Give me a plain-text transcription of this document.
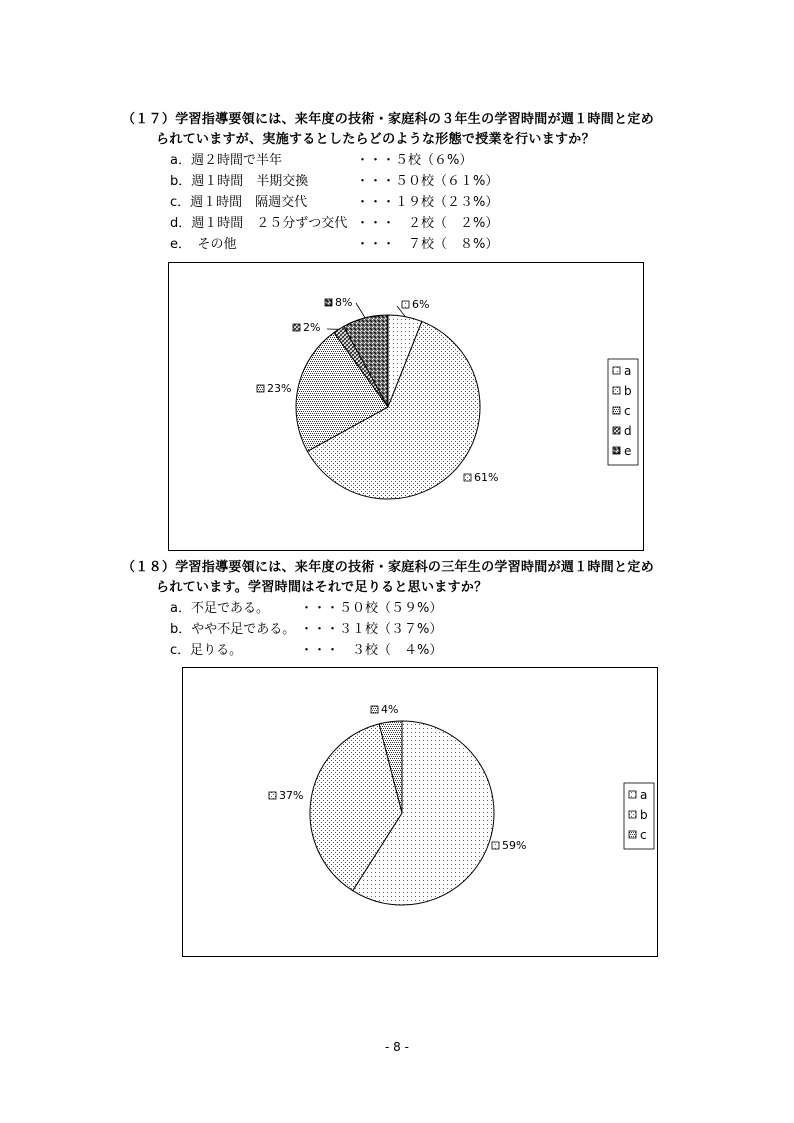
（１７）学習指導要領には、来年度の技術・家庭科の３年生の学習時間が週１時間と定め
られていますが、実施するとしたらどのような形態で授業を行いますか？
a．週２時間で半年	・・・５校（６%）
b．週１時間　半期交換	・・・５０校（６１%）
c．週１時間　隔週交代	・・・１９校（２３%）
d．週１時間　２５分ずつ交代 ・・・　２校（　２%）
e．　その他	・・・　７校（　８%）
6%
61%
23%
2%
8%
a
b
c
d
e
（１８）学習指導要領には、来年度の技術・家庭科の三年生の学習時間が週１時間と定め
られています。学習時間はそれで足りると思いますか？
a．不足である。 ・・・５０校（５９%）
b．やや不足である。 ・・・３１校（３７%）
c．足りる。	・・・　３校（　４%）
59%
37%
4%
a
b
c
- 8 -
